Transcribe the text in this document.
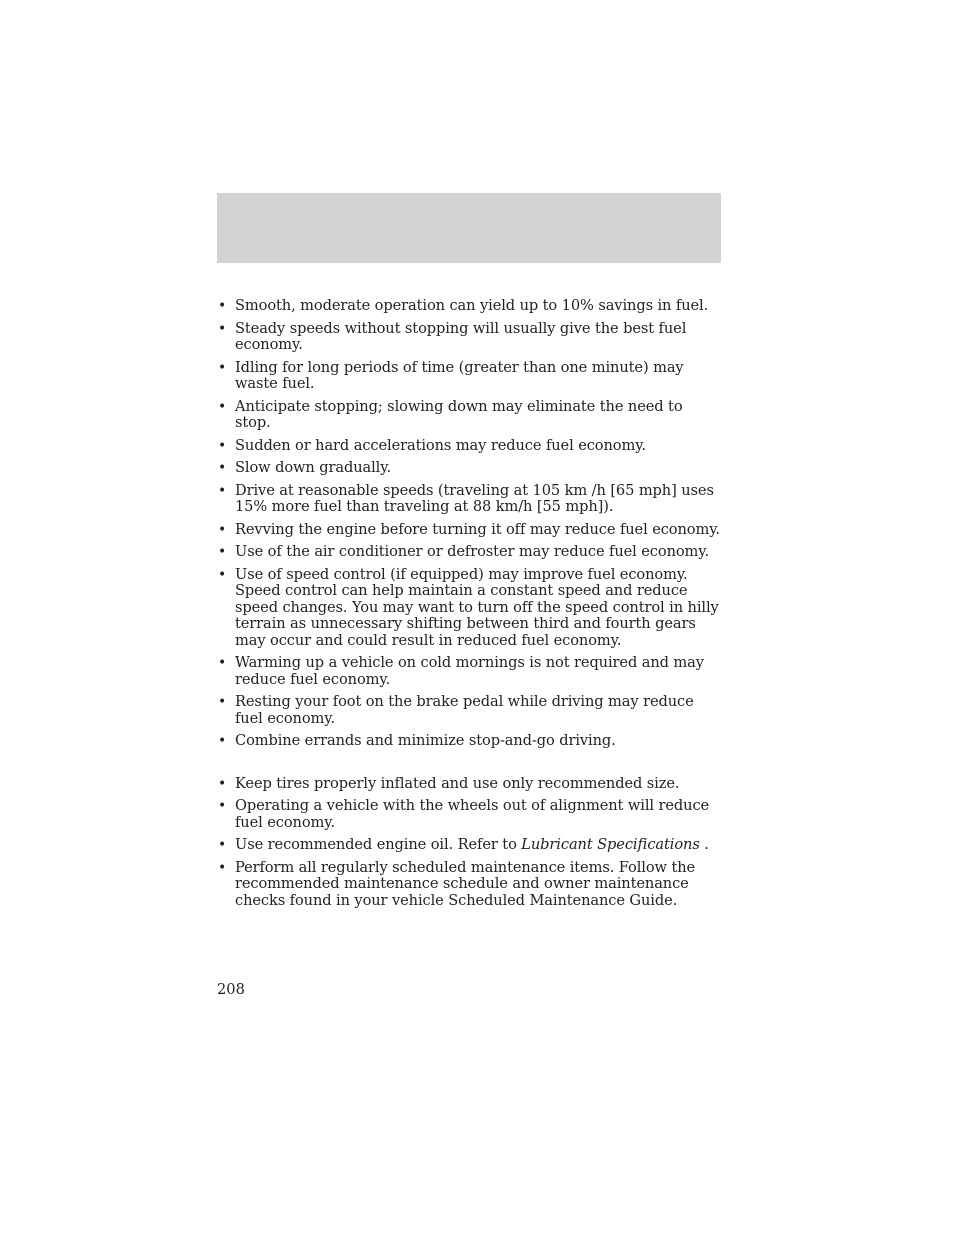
• Smooth, moderate operation can yield up to 10% savings in fuel.
• Steady speeds without stopping will usually give the best fuel economy.
• Idling for long periods of time (greater than one minute) may waste fuel.
• Anticipate stopping; slowing down may eliminate the need to stop.
• Sudden or hard accelerations may reduce fuel economy.
• Slow down gradually.
• Drive at reasonable speeds (traveling at 105 km /h [65 mph] uses 15% more fuel than traveling at 88 km/h [55 mph]).
• Revving the engine before turning it off may reduce fuel economy.
• Use of the air conditioner or defroster may reduce fuel economy.
• Use of speed control (if equipped) may improve fuel economy. Speed control can help maintain a constant speed and reduce speed changes. You may want to turn off the speed control in hilly terrain as unnecessary shifting between third and fourth gears may occur and could result in reduced fuel economy.
• Warming up a vehicle on cold mornings is not required and may reduce fuel economy.
• Resting your foot on the brake pedal while driving may reduce fuel economy.
• Combine errands and minimize stop-and-go driving.
• Keep tires properly inflated and use only recommended size.
• Operating a vehicle with the wheels out of alignment will reduce fuel economy.
• Use recommended engine oil. Refer to Lubricant Specifications .
• Perform all regularly scheduled maintenance items. Follow the recommended maintenance schedule and owner maintenance checks found in your vehicle Scheduled Maintenance Guide.
208
